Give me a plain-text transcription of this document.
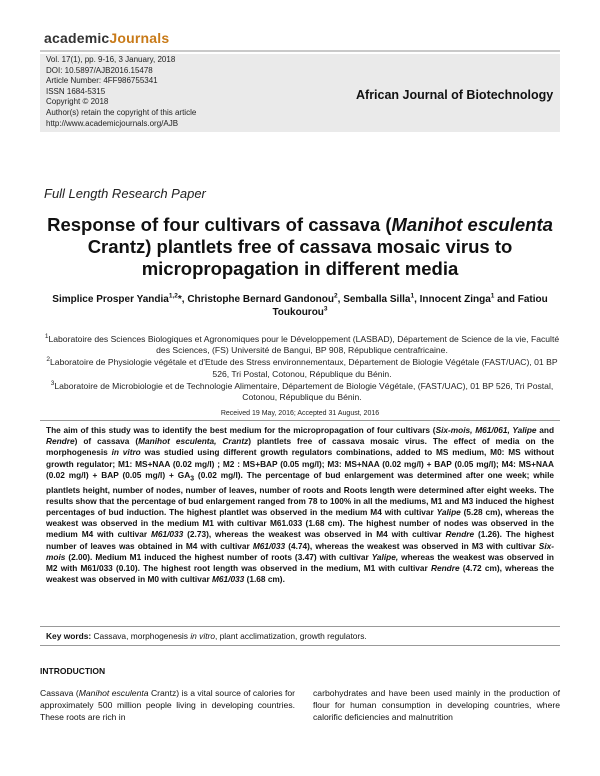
academicJournals
Vol. 17(1), pp. 9-16, 3 January, 2018
DOI: 10.5897/AJB2016.15478
Article Number: 4FF986755341
ISSN 1684-5315
Copyright © 2018
Author(s) retain the copyright of this article
http://www.academicjournals.org/AJB
African Journal of Biotechnology
Full Length Research Paper
Response of four cultivars of cassava (Manihot esculenta Crantz) plantlets free of cassava mosaic virus to micropropagation in different media
Simplice Prosper Yandia$^{1,2}$*, Christophe Bernard Gandonou$^2$, Semballa Silla$^1$, Innocent Zinga$^1$ and Fatiou Toukourou$^3$

$^1$Laboratoire des Sciences Biologiques et Agronomiques pour le Développement (LASBAD), Département de Science de la vie, Faculté des Sciences, (FS) Université de Bangui, BP 908, République centrafricaine.

$^2$Laboratoire de Physiologie végétale et d'Etude des Stress environnementaux, Département de Biologie Végétale (FAST/UAC), 01 BP 526, Tri Postal, Cotonou, République du Bénin.

$^3$Laboratoire de Microbiologie et de Technologie Alimentaire, Département de Biologie Végétale, (FAST/UAC), 01 BP 526, Tri Postal, Cotonou, République du Bénin.

Received 19 May, 2016; Accepted 31 August, 2016
The aim of this study was to identify the best medium for the micropropagation of four cultivars (Six-mois, M61/061, Yalipe and Rendre) of cassava (Manihot esculenta, Crantz) plantlets free of cassava mosaic virus. The effect of media on the morphogenesis in vitro was studied using different growth regulators combinations, added to MS medium, M0: MS without growth regulator; M1: MS+NAA (0.02 mg/l) ; M2 : MS+BAP (0.05 mg/l); M3: MS+NAA (0.02 mg/l) + BAP (0.05 mg/l); M4: MS+NAA (0.02 mg/l) + BAP (0.05 $mg/l) + GA_3$ (0.02 mg/l). The percentage of bud enlargement was determined after one week; while plantlets height, number of nodes, number of leaves, number of roots and Roots length were determined after eight weeks. The results show that the percentage of bud enlargement ranged from 78 to 100% in all the mediums, M1 and M3 induced the highest percentages of bud induction. The highest plantlet was observed in the medium M4 with cultivar Yalipe (5.28 cm), whereas the weakest was observed in the medium M1 with cultivar M61.033 (1.68 cm). The highest number of nodes was observed in the medium M4 with cultivar M61/033 (2.73), whereas the weakest was observed in M4 with cultivar Rendre (1.26). The highest number of leaves was obtained in M4 with cultivar M61/033 (4.74), whereas the weakest was observed in M3 with cultivar Six-mois (2.00). Medium M1 induced the highest number of roots (3.47) with cultivar Yalipe, whereas the weakest was observed in M2 with M61/033 (0.10). The highest root length was observed in the medium, M1 with cultivar Rendre (4.72 cm), whereas the weakest was observed in M0 with cultivar M61/033 (1.68 cm).
Key words: Cassava, morphogenesis in vitro, plant acclimatization, growth regulators.
INTRODUCTION
Cassava (Manihot esculenta Crantz) is a vital source of calories for approximately 500 million people living in developing countries. These roots are rich in
carbohydrates and have been used mainly in the production of flour for human consumption in developing countries, where calorific deficiencies and malnutrition
